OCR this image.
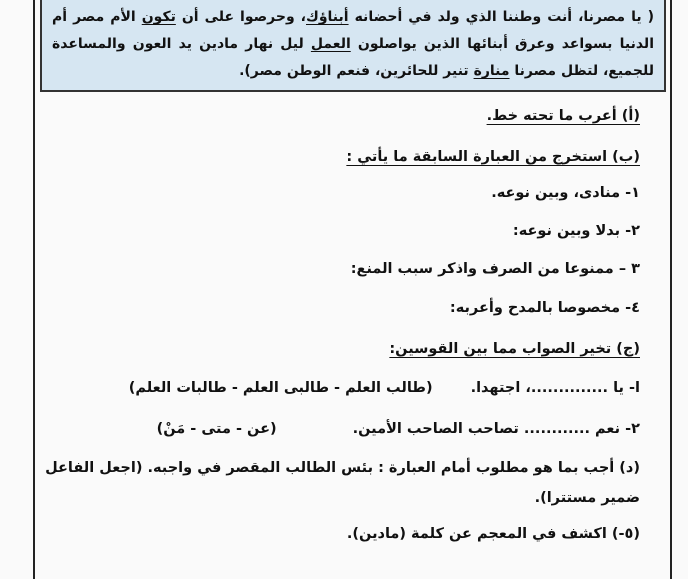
( يا مصرنا، أنت وطننا الذي ولد في أحضانه أبناؤك، وحرصوا على أن تكون الأم مصر أم الدنيا بسواعد وعرق أبنائها الذين يواصلون العمل ليل نهار مادين يد العون والمساعدة للجميع، لتظل مصرنا منارة تنير للحائرين، فنعم الوطن مصر).
(أ) أعرب ما تحته خط.
(ب) استخرج من العبارة السابقة ما يأتي :
١- منادى، وبين نوعه.
٢- بدلا وبين نوعه:
٣ – ممنوعا من الصرف واذكر سبب المنع:
٤- مخصوصا بالمدح وأعربه:
(ج) تخير الصواب مما بين القوسين:
ا- يا ..............، اجتهدا.(طالب العلم - طالبى العلم - طالبات العلم)
٢- نعم ............ تصاحب الصاحب الأمين.(عن - متى - مَنْ)
(د) أجب بما هو مطلوب أمام العبارة : بئس الطالب المقصر في واجبه. (اجعل الفاعل ضمير مستترا).
(٥-) اكشف في المعجم عن كلمة (مادين).
